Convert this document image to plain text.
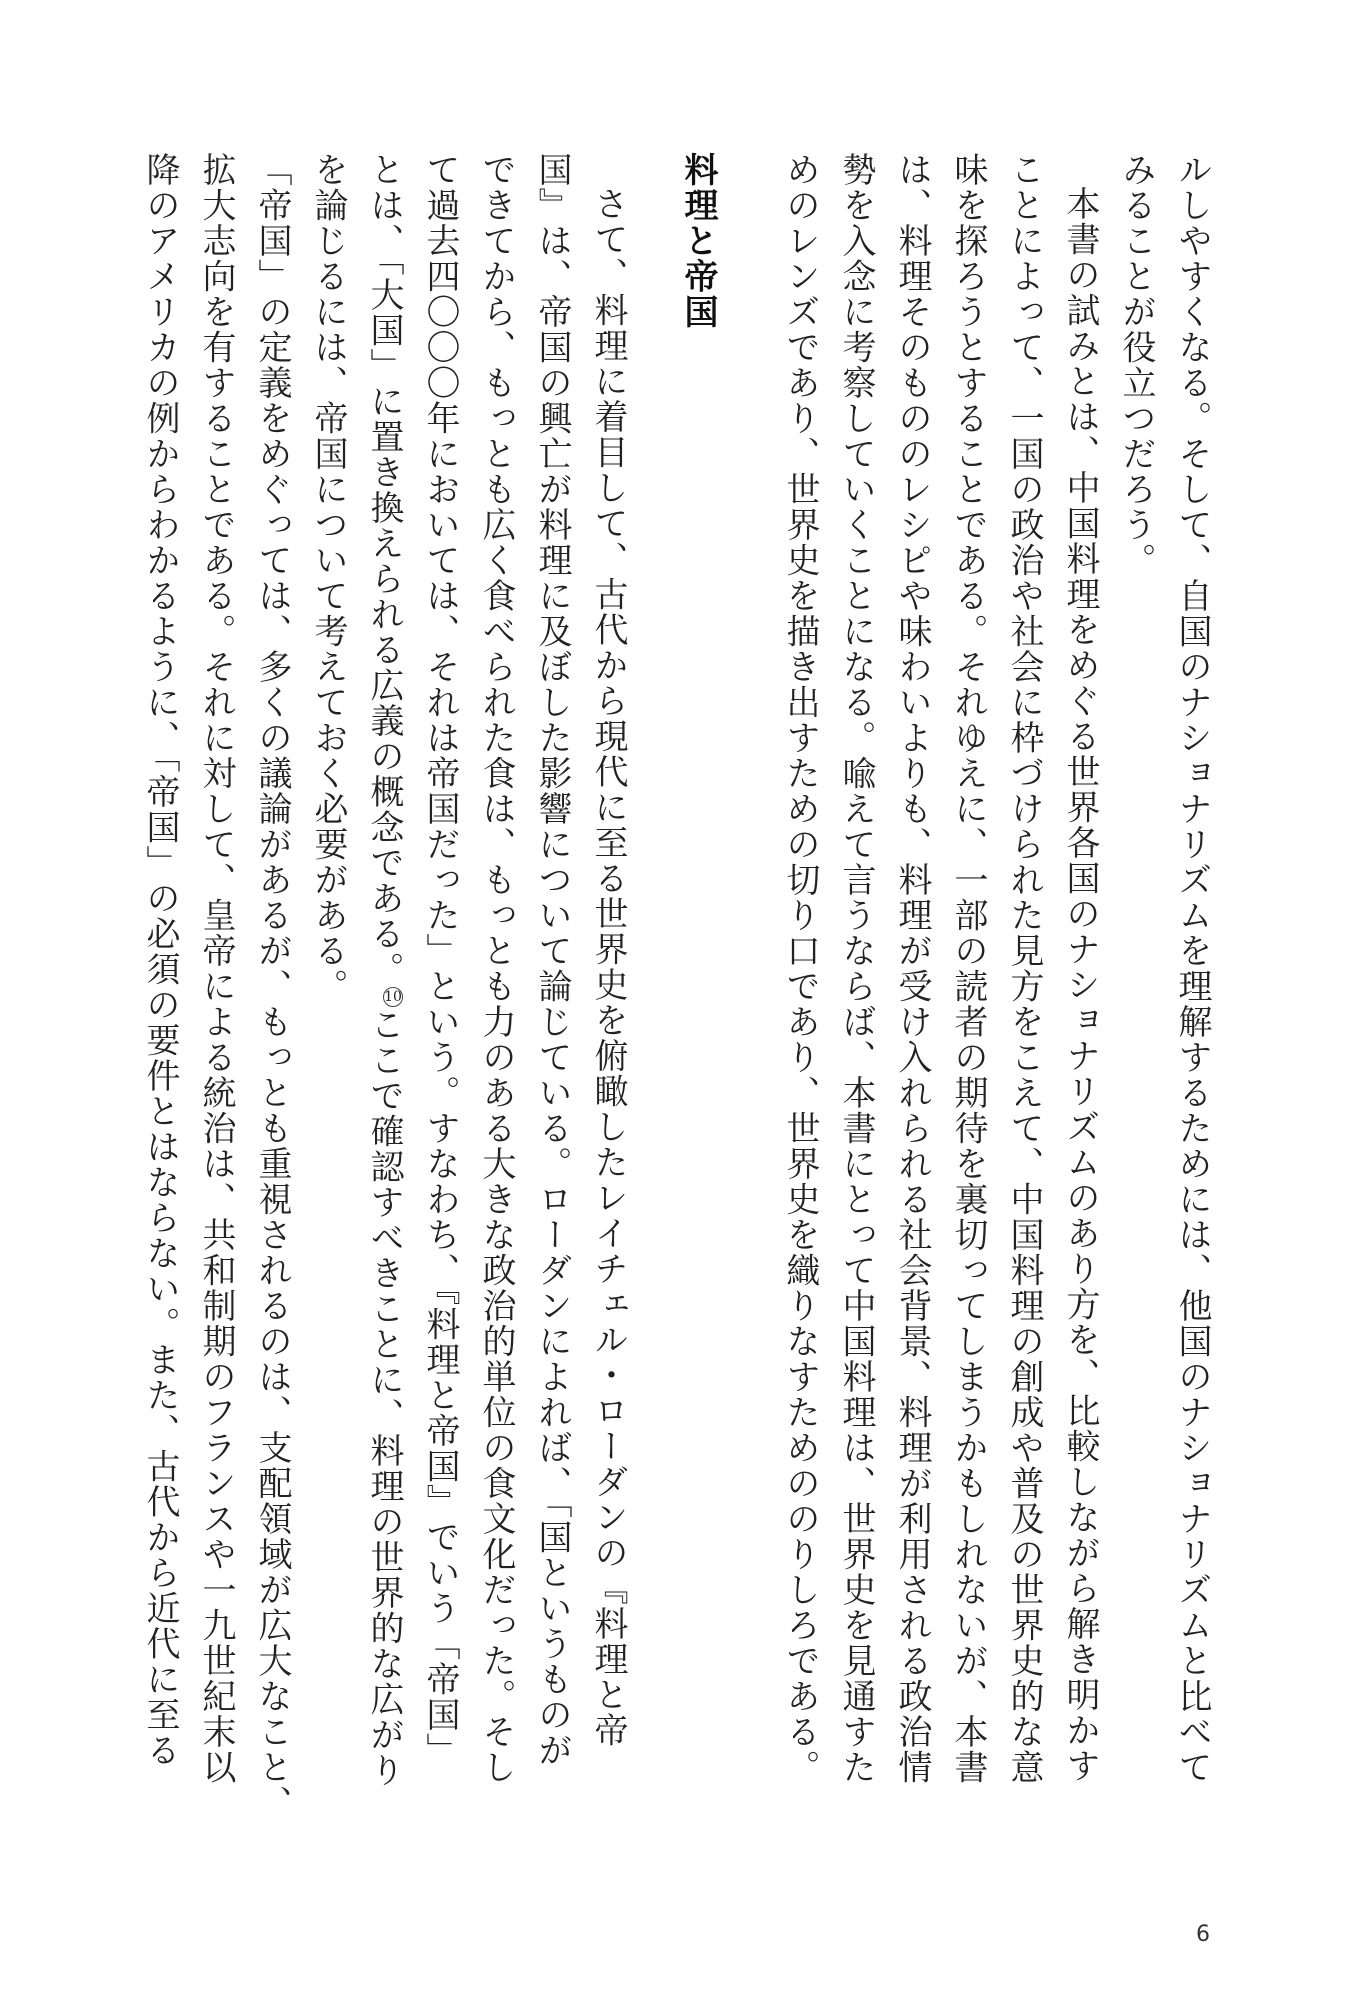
ルしやすくなる。そして、自国のナショナリズムを理解するためには、他国のナショナリズムと比べて

みることが役立つだろう。

本書の試みとは、中国料理をめぐる世界各国のナショナリズムのあり方を、比較しながら解き明かす

ことによって、一国の政治や社会に枠づけられた見方をこえて、中国料理の創成や普及の世界史的な意

味を探ろうとすることである。それゆえに、一部の読者の期待を裏切ってしまうかもしれないが、本書

は、料理そのもののレシピや味わいよりも、料理が受け入れられる社会背景、料理が利用される政治情

勢を入念に考察していくことになる。喩えて言うならば、本書にとって中国料理は、世界史を見通すた

めのレンズであり、世界史を描き出すための切り口であり、世界史を織りなすためののりしろである。

料理と帝国

さて、料理に着目して、古代から現代に至る世界史を俯瞰したレイチェル・ローダンの『料理と帝

国』は、帝国の興亡が料理に及ぼした影響について論じている。ローダンによれば、「国というものが

できてから、もっとも広く食べられた食は、もっとも力のある大きな政治的単位の食文化だった。そし

て過去四〇〇〇年においては、それは帝国だった」という。すなわち、『料理と帝国』でいう「帝国」

とは、「大国」に置き換えられる広義の概念である。10ここで確認すべきことに、料理の世界的な広がり

を論じるには、帝国について考えておく必要がある。

「帝国」の定義をめぐっては、多くの議論があるが、もっとも重視されるのは、支配領域が広大なこと、

拡大志向を有することである。それに対して、皇帝による統治は、共和制期のフランスや一九世紀末以

降のアメリカの例からわかるように、「帝国」の必須の要件とはならない。また、古代から近代に至る

6
